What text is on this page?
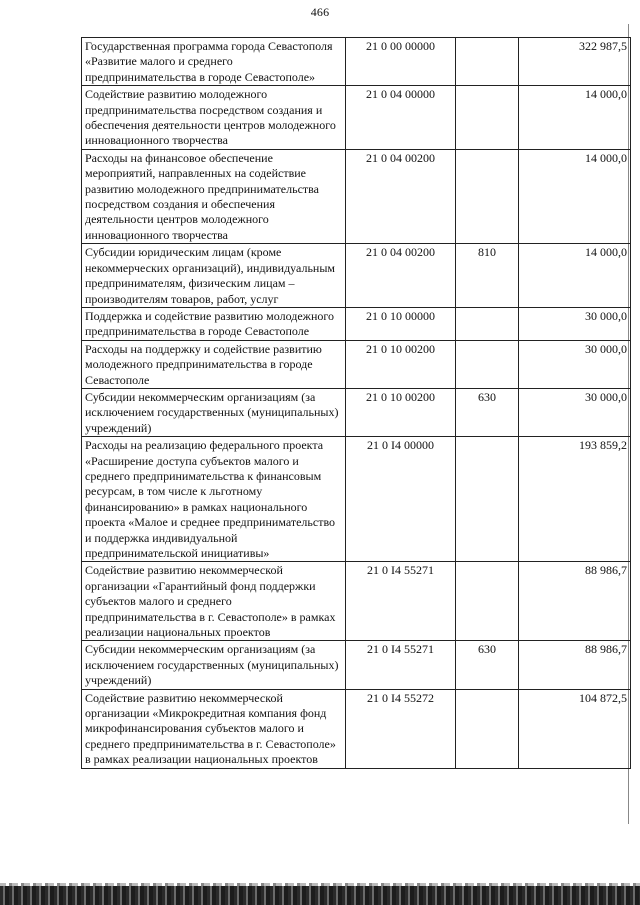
466
Государственная программа города Севастополя «Развитие малого и среднего предпринимательства в городе Севастополе»	21 0 00 00000		322 987,5
Содействие развитию молодежного предпринимательства посредством создания и обеспечения деятельности центров молодежного инновационного творчества	21 0 04 00000		14 000,0
Расходы на финансовое обеспечение мероприятий, направленных на содействие развитию молодежного предпринимательства посредством создания и обеспечения деятельности центров молодежного инновационного творчества	21 0 04 00200		14 000,0
Субсидии юридическим лицам (кроме некоммерческих организаций), индивидуальным предпринимателям, физическим лицам – производителям товаров, работ, услуг	21 0 04 00200	810	14 000,0
Поддержка и содействие развитию молодежного предпринимательства в городе Севастополе	21 0 10 00000		30 000,0
Расходы на поддержку и содействие развитию молодежного предпринимательства в городе Севастополе	21 0 10 00200		30 000,0
Субсидии некоммерческим организациям (за исключением государственных (муниципальных) учреждений)	21 0 10 00200	630	30 000,0
Расходы на реализацию федерального проекта «Расширение доступа субъектов малого и среднего предпринимательства к финансовым ресурсам, в том числе к льготному финансированию» в рамках национального проекта «Малое и среднее предпринимательство и поддержка индивидуальной предпринимательской инициативы»	21 0 I4 00000		193 859,2
Содействие развитию некоммерческой организации «Гарантийный фонд поддержки субъектов малого и среднего предпринимательства в г. Севастополе» в рамках реализации национальных проектов	21 0 I4 55271		88 986,7
Субсидии некоммерческим организациям (за исключением государственных (муниципальных) учреждений)	21 0 I4 55271	630	88 986,7
Содействие развитию некоммерческой организации «Микрокредитная компания фонд микрофинансирования субъектов малого и среднего предпринимательства в г. Севастополе» в рамках реализации национальных проектов	21 0 I4 55272		104 872,5
